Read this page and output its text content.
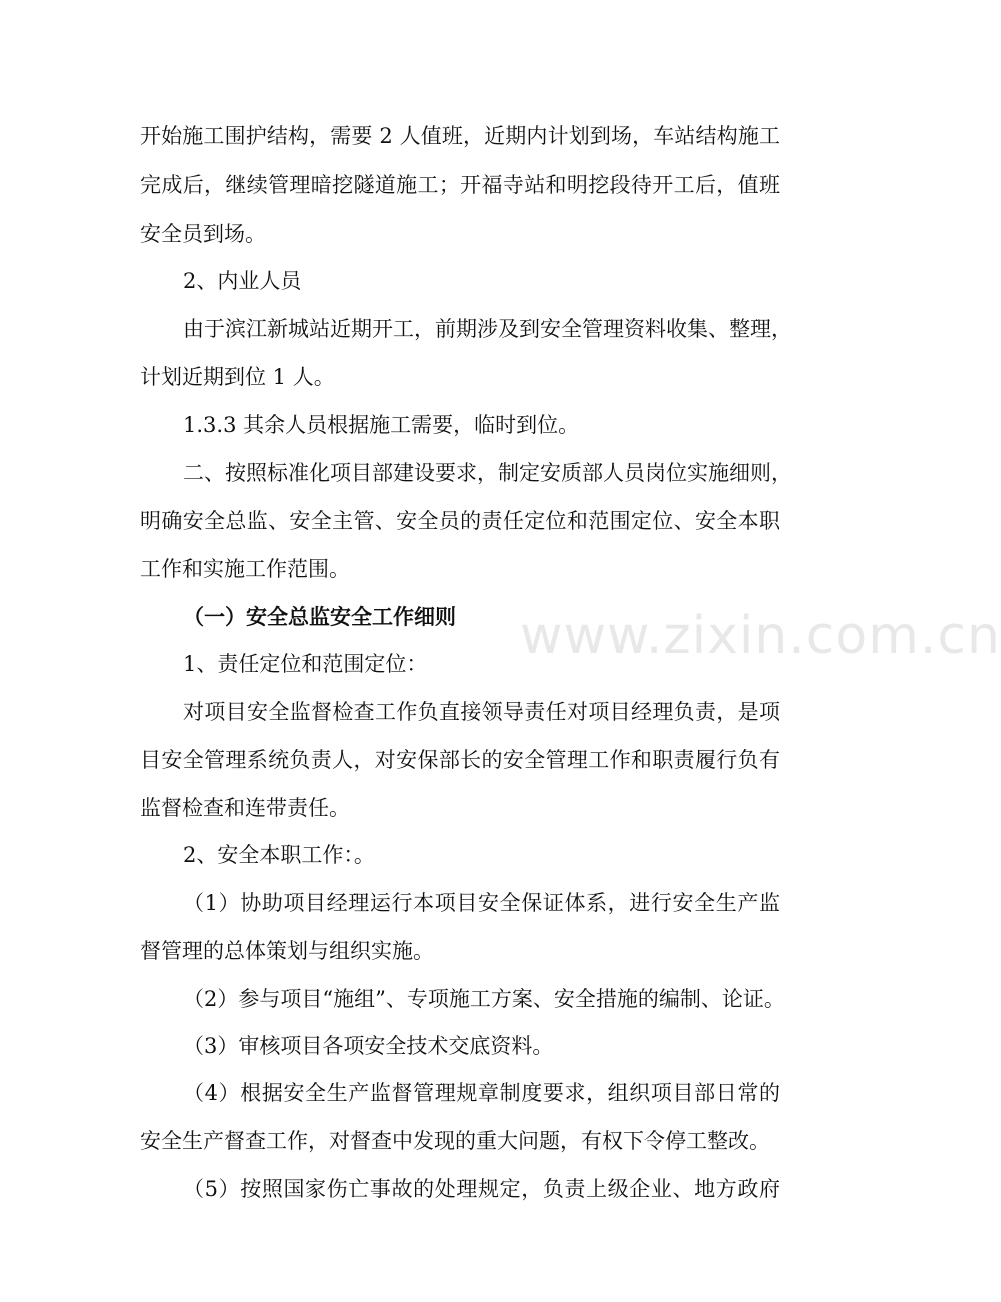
开始施工围护结构，需要 2 人值班，近期内计划到场，车站结构施工
完成后，继续管理暗挖隧道施工；开福寺站和明挖段待开工后，值班
安全员到场。
2、内业人员
由于滨江新城站近期开工，前期涉及到安全管理资料收集、整理，
计划近期到位 1 人。
1.3.3 其余人员根据施工需要，临时到位。
二、按照标准化项目部建设要求，制定安质部人员岗位实施细则，
明确安全总监、安全主管、安全员的责任定位和范围定位、安全本职
工作和实施工作范围。
（一）安全总监安全工作细则
1、责任定位和范围定位：
对项目安全监督检查工作负直接领导责任对项目经理负责，是项
目安全管理系统负责人，对安保部长的安全管理工作和职责履行负有
监督检查和连带责任。
2、安全本职工作：。
（1）协助项目经理运行本项目安全保证体系，进行安全生产监
督管理的总体策划与组织实施。
（2）参与项目“施组”、专项施工方案、安全措施的编制、论证。
（3）审核项目各项安全技术交底资料。
（4）根据安全生产监督管理规章制度要求，组织项目部日常的
安全生产督查工作，对督查中发现的重大问题，有权下令停工整改。
（5）按照国家伤亡事故的处理规定，负责上级企业、地方政府
www.zixin.com.cn
